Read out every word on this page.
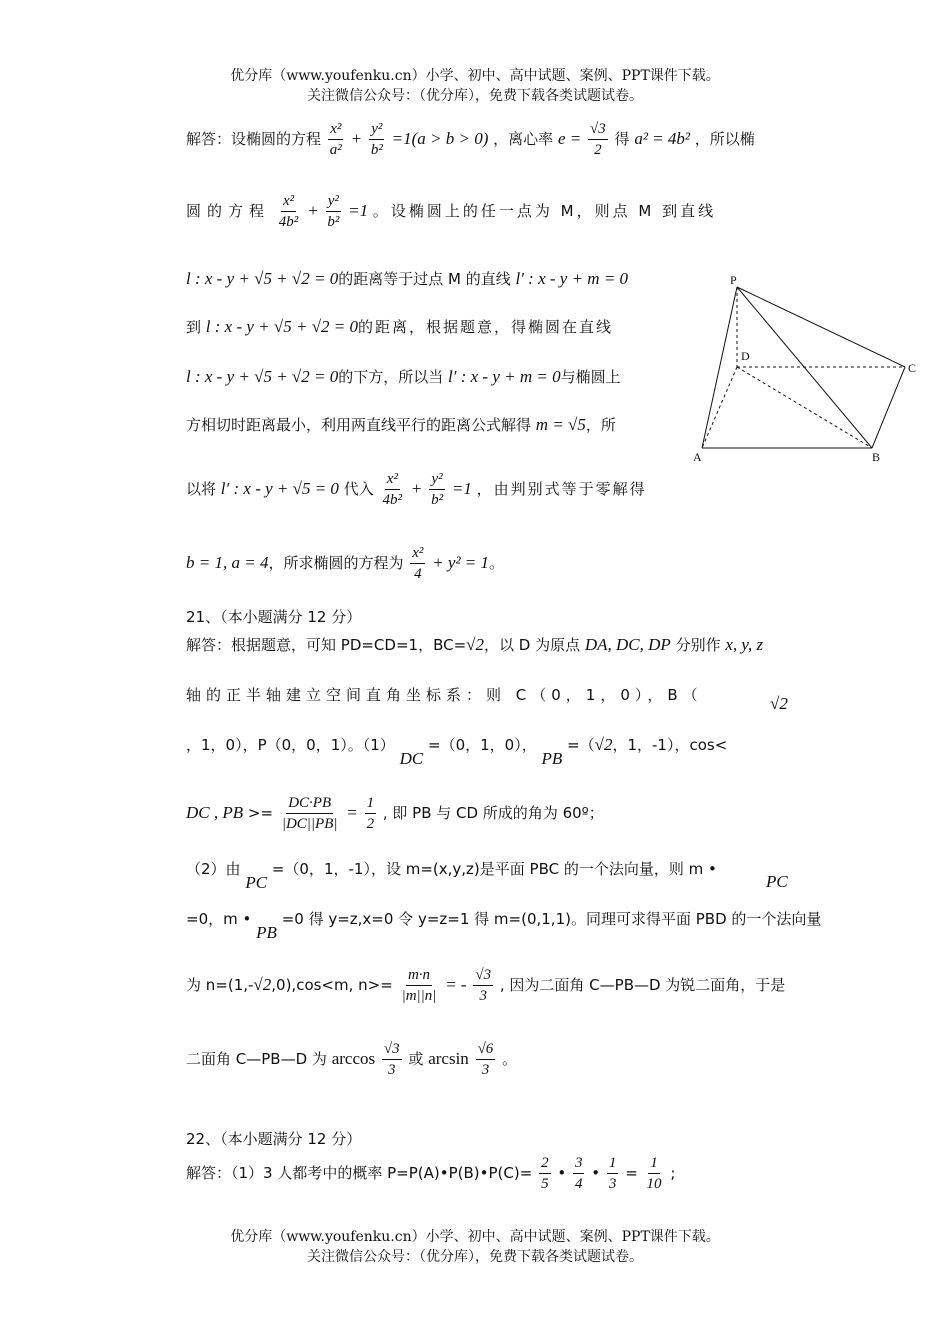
优分库（www.youfenku.cn）小学、初中、高中试题、案例、PPT课件下载。
关注微信公众号：（优分库），免费下载各类试题试卷。
解答：设椭圆的方程 $\frac{\text{x²}}{\text{a²}} + \frac{\text{y²}}{\text{b²}} =1(a > b > 0)$ ，离心率 $e = \frac{√3}{2}$ 得 a² = 4b² ，所以椭
圆的方程 $\frac{\text{x²}}{\text{4b²}} + \frac{\text{y²}}{\text{b²}} =1$ 。设椭圆上的任一点为 M，则点 M 到直线
l : x - y + √5 + √2 = 0的距离等于过点 M 的直线 l′ : x - y + m = 0
到 l : x - y + √5 + √2 = 0的距离，根据题意，得椭圆在直线
l : x - y + √5 + √2 = 0的下方，所以当 l′ : x - y + m = 0与椭圆上
方相切时距离最小，利用两直线平行的距离公式解得 m = √5，所
以将 l′ : x - y + √5 = 0 代入 $\frac{\text{x²}}{\text{4b²}} + \frac{\text{y²}}{\text{b²}} =1$ ，由判别式等于零解得
b = 1, a = 4，所求椭圆的方程为 $\frac{\text{x²}}{4} + y^2 = 1$。
P
D
C
A	B
21、（本小题满分 12 分）
解答：根据题意，可知 PD=CD=1，BC=√2，以 D 为原点 DA, DC, DP 分别作 x, y, z
轴的正半轴建立空间直角坐标系：则 C（0，1，0），B（	√2
，1，0），P（0，0，1）。（1） DC =（0，1，0）， PB =（√2，1，-1），cos<
DC , PB >= $\frac{DC\cdot PB}{|DC||PB|} = \frac{1}{2}$ , 即 PB 与 CD 所成的角为 60º；
（2）由 PC =（0，1，-1），设 m=(x,y,z)是平面 PBC 的一个法向量，则 m •
PC
=0，m • PB =0 得 y=z,x=0 令 y=z=1 得 m=(0,1,1)。同理可求得平面 PBD 的一个法向量
为 n=(1,-√2,0),cos<m, $n>= \frac{m\cdot n}{|m||n|}$ = - $\frac{√3}{3}$ , 因为二面角 C—PB—D 为锐二面角，于是
二面角 C—PB—D 为 $\arccos \frac{√3}{3}$ 或 $\arcsin \frac{√6}{3}$ 。
22、（本小题满分 12 分）
解答：（1）3 人都考中的概率 P=P(A)•P(B)•P(C)= $\frac{2}{5}$ • $\frac{3}{4}$ • $\frac{1}{3} = \frac{1}{10}$ ;
优分库（www.youfenku.cn）小学、初中、高中试题、案例、PPT课件下载。
关注微信公众号：（优分库），免费下载各类试题试卷。
